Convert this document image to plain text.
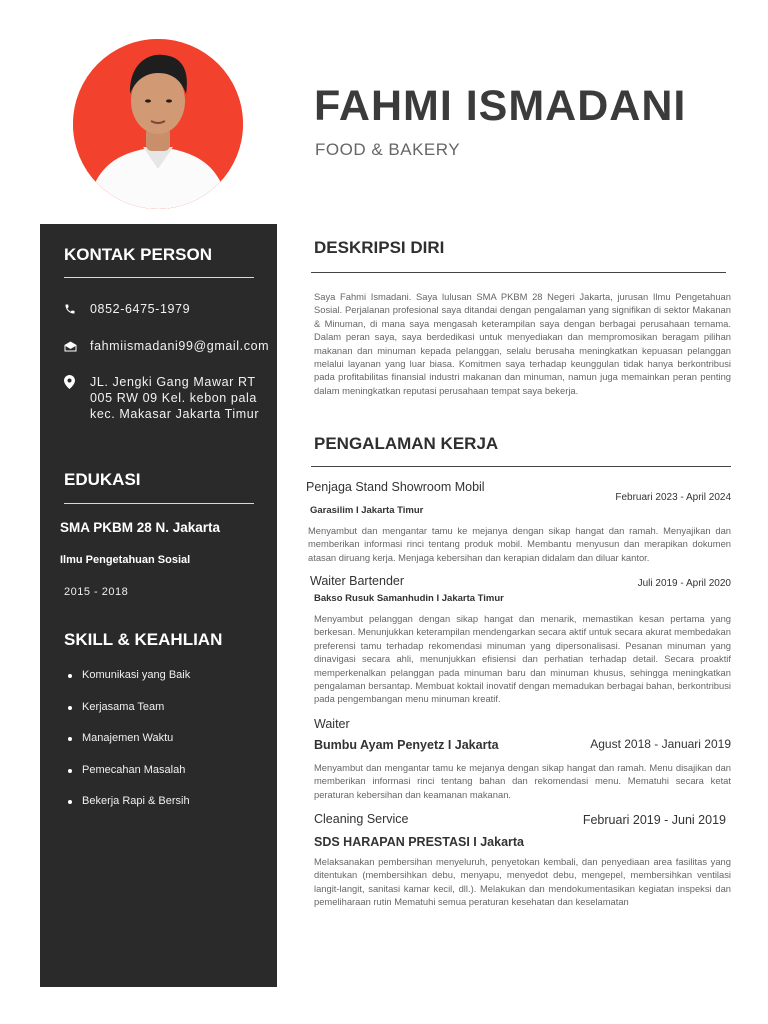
FAHMI ISMADANI
FOOD & BAKERY
KONTAK PERSON
0852-6475-1979
fahmiismadani99@gmail.com
JL. Jengki Gang Mawar RT
005 RW 09 Kel. kebon pala
kec. Makasar Jakarta Timur
EDUKASI
SMA PKBM 28 N. Jakarta
Ilmu Pengetahuan Sosial
2015 - 2018
SKILL & KEAHLIAN
Komunikasi yang Baik
Kerjasama Team
Manajemen Waktu
Pemecahan Masalah
Bekerja Rapi & Bersih
DESKRIPSI DIRI
Saya Fahmi Ismadani. Saya lulusan SMA PKBM 28 Negeri Jakarta, jurusan Ilmu Pengetahuan Sosial. Perjalanan profesional saya ditandai dengan pengalaman yang signifikan di sektor Makanan & Minuman, di mana saya mengasah keterampilan saya dengan berbagai perusahaan ternama. Dalam peran saya, saya berdedikasi untuk menyediakan dan mempromosikan beragam pilihan makanan dan minuman kepada pelanggan, selalu berusaha meningkatkan kepuasan pelanggan melalui layanan yang luar biasa. Komitmen saya terhadap keunggulan tidak hanya berkontribusi pada profitabilitas finansial industri makanan dan minuman, namun juga memainkan peran penting dalam meningkatkan reputasi perusahaan tempat saya bekerja.
PENGALAMAN KERJA
Penjaga Stand Showroom Mobil
Februari 2023 - April 2024
Garasilim I Jakarta Timur
Menyambut dan mengantar tamu ke mejanya dengan sikap hangat dan ramah. Menyajikan dan memberikan informasi rinci tentang produk mobil. Membantu menyusun dan merapikan dokumen atasan diruang kerja. Menjaga kebersihan dan kerapian didalam dan diluar kantor.
Waiter Bartender	Juli 2019 - April 2020
Bakso Rusuk Samanhudin I Jakarta Timur
Menyambut pelanggan dengan sikap hangat dan menarik, memastikan kesan pertama yang berkesan. Menunjukkan keterampilan mendengarkan secara aktif untuk secara akurat membedakan preferensi tamu terhadap rekomendasi minuman yang dipersonalisasi. Pesanan minuman yang dinavigasi secara ahli, menunjukkan efisiensi dan perhatian terhadap detail. Secara proaktif memperkenalkan pelanggan pada minuman baru dan minuman khusus, sehingga meningkatkan pengalaman bersantap. Membuat koktail inovatif dengan memadukan berbagai bahan, berkontribusi pada pengembangan menu minuman kreatif.
Waiter
Agust 2018 - Januari 2019
Bumbu Ayam Penyetz I Jakarta
Menyambut dan mengantar tamu ke mejanya dengan sikap hangat dan ramah. Menu disajikan dan memberikan informasi rinci tentang bahan dan rekomendasi menu. Mematuhi secara ketat peraturan kebersihan dan keamanan makanan.
Cleaning Service	Februari 2019 - Juni 2019
SDS HARAPAN PRESTASI I Jakarta
Melaksanakan pembersihan menyeluruh, penyetokan kembali, dan penyediaan area fasilitas yang ditentukan (membersihkan debu, menyapu, menyedot debu, mengepel, membersihkan ventilasi langit-langit, sanitasi kamar kecil, dll.). Melakukan dan mendokumentasikan kegiatan inspeksi dan pemeliharaan rutin Mematuhi semua peraturan kesehatan dan keselamatan
